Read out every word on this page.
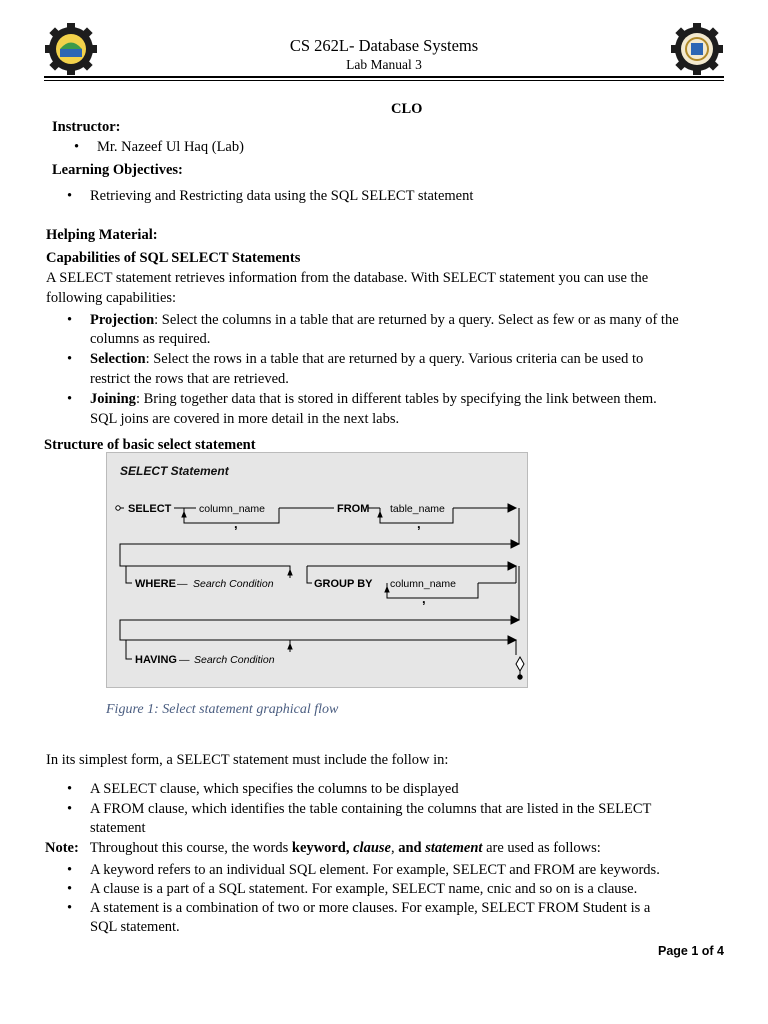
CS 262L- Database Systems
Lab Manual 3
CLO
Instructor:
• Mr. Nazeef Ul Haq (Lab)
Learning Objectives:
• Retrieving and Restricting data using the SQL SELECT statement
Helping Material:
Capabilities of SQL SELECT Statements
A SELECT statement retrieves information from the database. With SELECT statement you can use the
following capabilities:
• Projection: Select the columns in a table that are returned by a query. Select as few or as many of the
columns as required.
• Selection: Select the rows in a table that are returned by a query. Various criteria can be used to
restrict the rows that are retrieved.
• Joining: Bring together data that is stored in different tables by specifying the link between them.
SQL joins are covered in more detail in the next labs.
Structure of basic select statement
SELECT Statement
SELECT	column_name
,
FROM table_name
,
WHERE — Search Condition	GROUP BY column_name
,
HAVING — Search Condition
Figure 1: Select statement graphical flow
In its simplest form, a SELECT statement must include the follow in:
• A SELECT clause, which specifies the columns to be displayed
• A FROM clause, which identifies the table containing the columns that are listed in the SELECT
statement
Note: Throughout this course, the words keyword, clause, and statement are used as follows:
• A keyword refers to an individual SQL element. For example, SELECT and FROM are keywords.
• A clause is a part of a SQL statement. For example, SELECT name, cnic and so on is a clause.
• A statement is a combination of two or more clauses. For example, SELECT FROM Student is a
SQL statement.
Page 1 of 4
